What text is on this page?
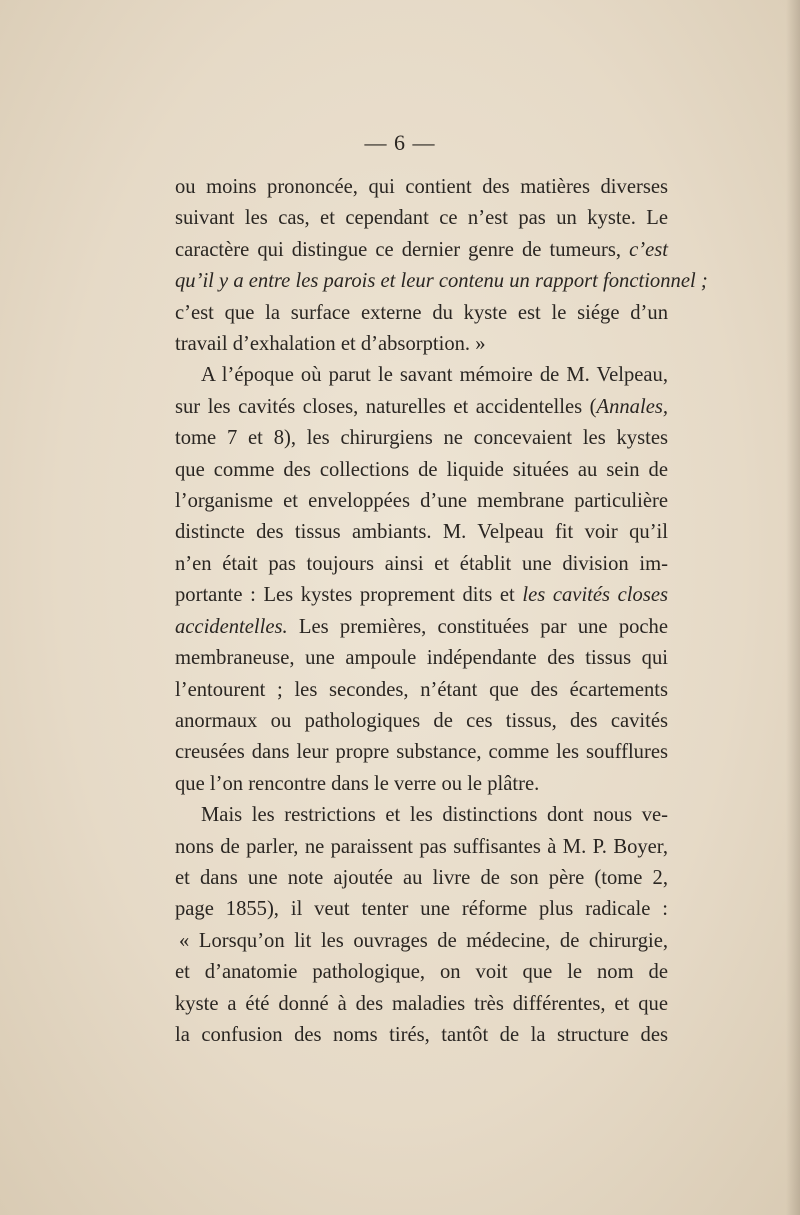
— 6 —
ou moins prononcée, qui contient des matières diverses
suivant les cas, et cependant ce n’est pas un kyste. Le
caractère qui distingue ce dernier genre de tumeurs, c’est
qu’il y a entre les parois et leur contenu un rapport fonctionnel ;
c’est que la surface externe du kyste est le siége d’un
travail d’exhalation et d’absorption. »
A l’époque où parut le savant mémoire de M. Velpeau,
sur les cavités closes, naturelles et accidentelles (Annales,
tome 7 et 8), les chirurgiens ne concevaient les kystes
que comme des collections de liquide situées au sein de
l’organisme et enveloppées d’une membrane particulière
distincte des tissus ambiants. M. Velpeau fit voir qu’il
n’en était pas toujours ainsi et établit une division im-
portante : Les kystes proprement dits et les cavités closes
accidentelles. Les premières, constituées par une poche
membraneuse, une ampoule indépendante des tissus qui
l’entourent ; les secondes, n’étant que des écartements
anormaux ou pathologiques de ces tissus, des cavités
creusées dans leur propre substance, comme les soufflures
que l’on rencontre dans le verre ou le plâtre.
Mais les restrictions et les distinctions dont nous ve-
nons de parler, ne paraissent pas suffisantes à M. P. Boyer,
et dans une note ajoutée au livre de son père (tome 2,
page 1855), il veut tenter une réforme plus radicale :
« Lorsqu’on lit les ouvrages de médecine, de chirurgie,
et d’anatomie pathologique, on voit que le nom de
kyste a été donné à des maladies très différentes, et que
la confusion des noms tirés, tantôt de la structure des
